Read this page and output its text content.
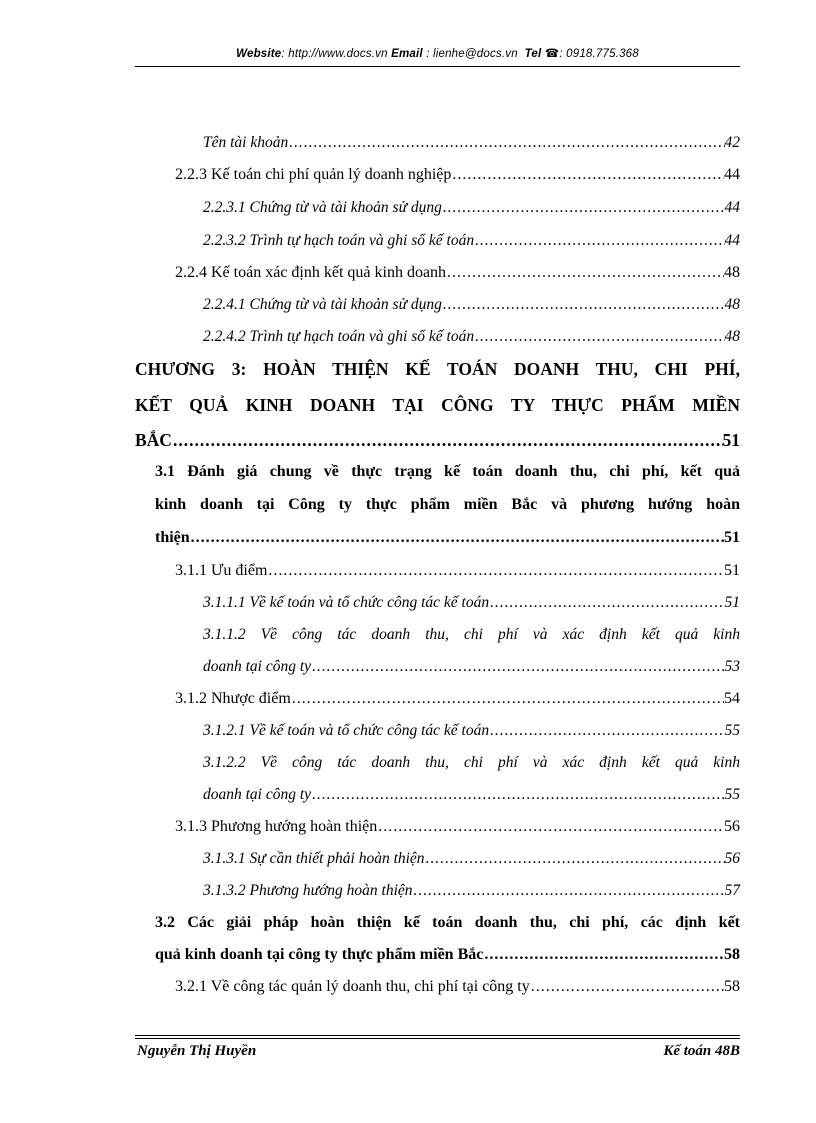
Website: http://www.docs.vn Email : lienhe@docs.vn Tel ☎: 0918.775.368
Tên tài khoản .....	42
2.2.3 Kế toán chi phí quản lý doanh nghiệp .....	44
2.2.3.1 Chứng từ và tài khoản sử dụng .....	44
2.2.3.2 Trình tự hạch toán và ghi sổ kế toán .....	44
2.2.4 Kế toán xác định kết quả kinh doanh .....	48
2.2.4.1 Chứng từ và tài khoản sử dụng .....	48
2.2.4.2 Trình tự hạch toán và ghi sổ kế toán .....	48
CHƯƠNG 3: HOÀN THIỆN KẾ TOÁN DOANH THU, CHI PHÍ,
KẾT QUẢ KINH DOANH TẠI CÔNG TY THỰC PHẨM MIỀN
BẮC .....	51
3.1 Đánh giá chung về thực trạng kế toán doanh thu, chi phí, kết quả
kinh doanh tại Công ty thực phẩm miền Bắc và phương hướng hoàn
thiện .....	51
3.1.1 Ưu điểm .....	51
3.1.1.1 Về kế toán và tổ chức công tác kế toán .....	51
3.1.1.2 Về công tác doanh thu, chi phí và xác định kết quả kinh
doanh tại công ty .....	53
3.1.2 Nhược điểm .....	54
3.1.2.1 Về kế toán và tổ chức công tác kế toán .....	55
3.1.2.2 Về công tác doanh thu, chi phí và xác định kết quả kinh
doanh tại công ty .....	55
3.1.3 Phương hướng hoàn thiện .....	56
3.1.3.1 Sự cần thiết phải hoàn thiện .....	56
3.1.3.2 Phương hướng hoàn thiện .....	57
3.2 Các giải pháp hoàn thiện kế toán doanh thu, chi phí, các định kết
quả kinh doanh tại công ty thực phẩm miền Bắc .....	58
3.2.1 Về công tác quản lý doanh thu, chi phí tại công ty .....	58
Nguyễn Thị Huyền	Kế toán 48B
